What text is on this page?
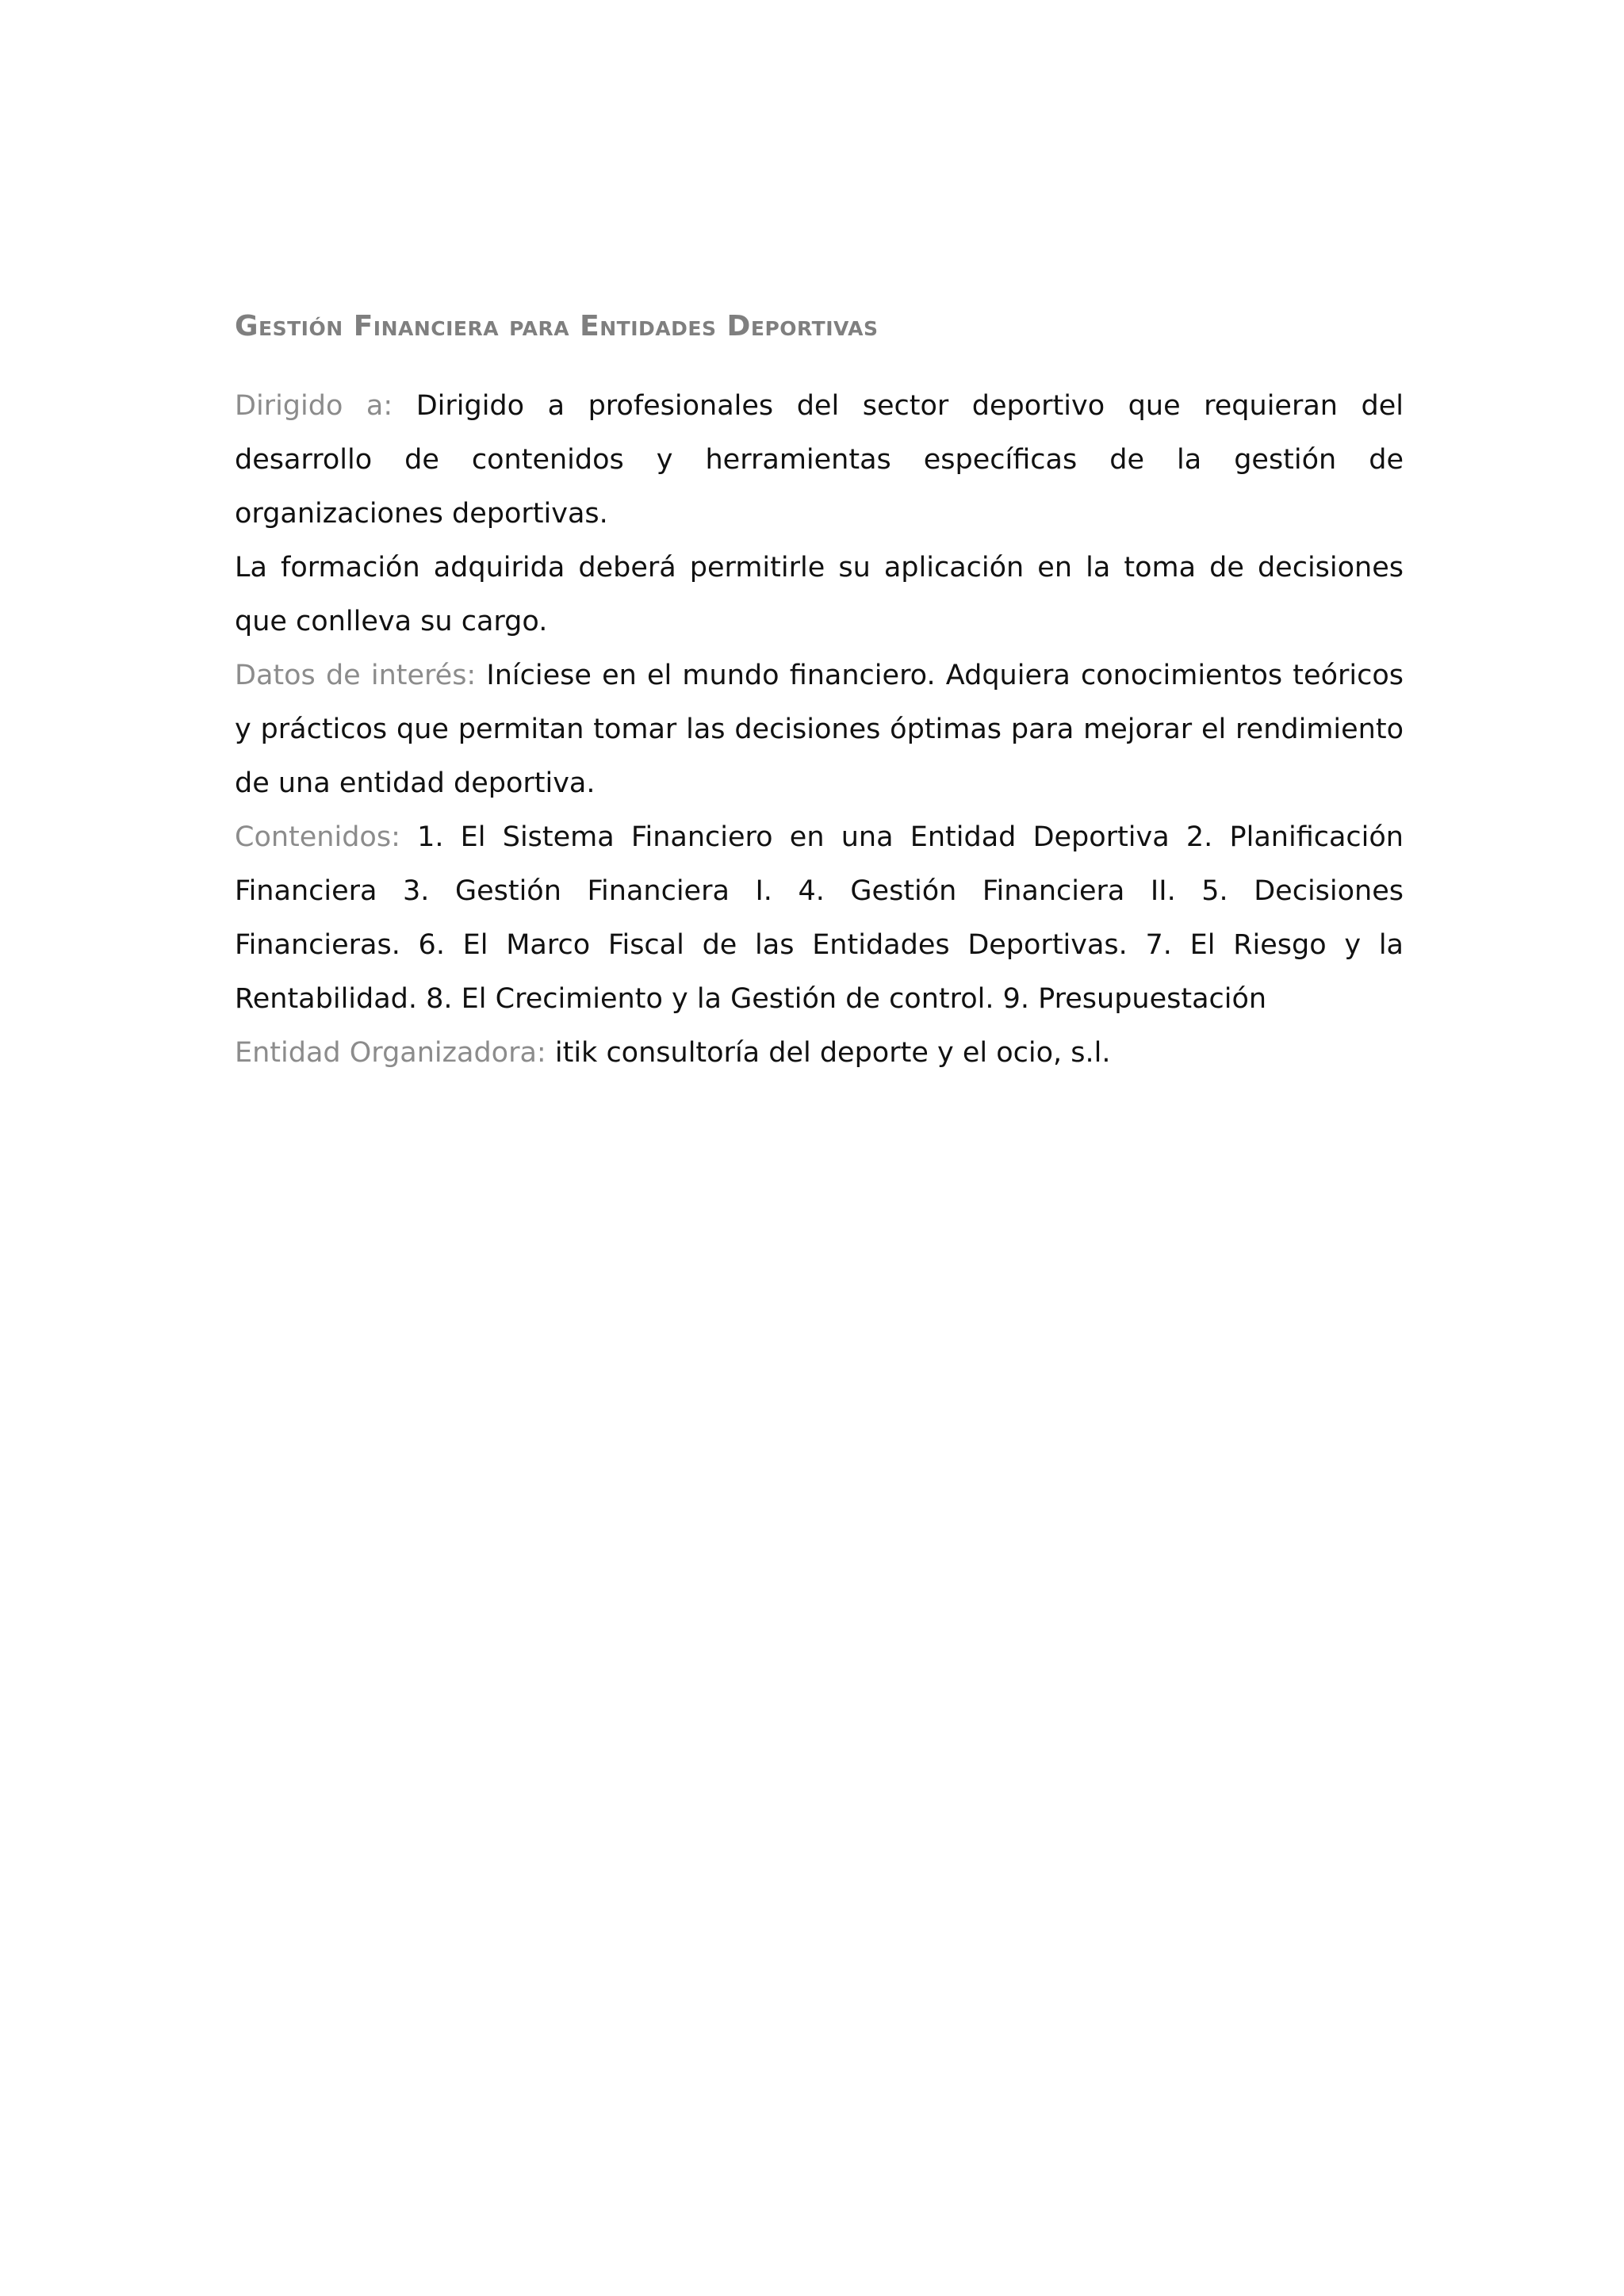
Gestión Financiera para Entidades Deportivas

Dirigido a: Dirigido a profesionales del sector deportivo que requieran del desarrollo de contenidos y herramientas específicas de la gestión de organizaciones deportivas.

La formación adquirida deberá permitirle su aplicación en la toma de decisiones que conlleva su cargo.

Datos de interés: Iníciese en el mundo financiero. Adquiera conocimientos teóricos y prácticos que permitan tomar las decisiones óptimas para mejorar el rendimiento de una entidad deportiva.

Contenidos: 1. El Sistema Financiero en una Entidad Deportiva 2. Planificación Financiera 3. Gestión Financiera I. 4. Gestión Financiera II. 5. Decisiones Financieras. 6. El Marco Fiscal de las Entidades Deportivas. 7. El Riesgo y la Rentabilidad. 8. El Crecimiento y la Gestión de control. 9. Presupuestación

Entidad Organizadora: itik consultoría del deporte y el ocio, s.l.
